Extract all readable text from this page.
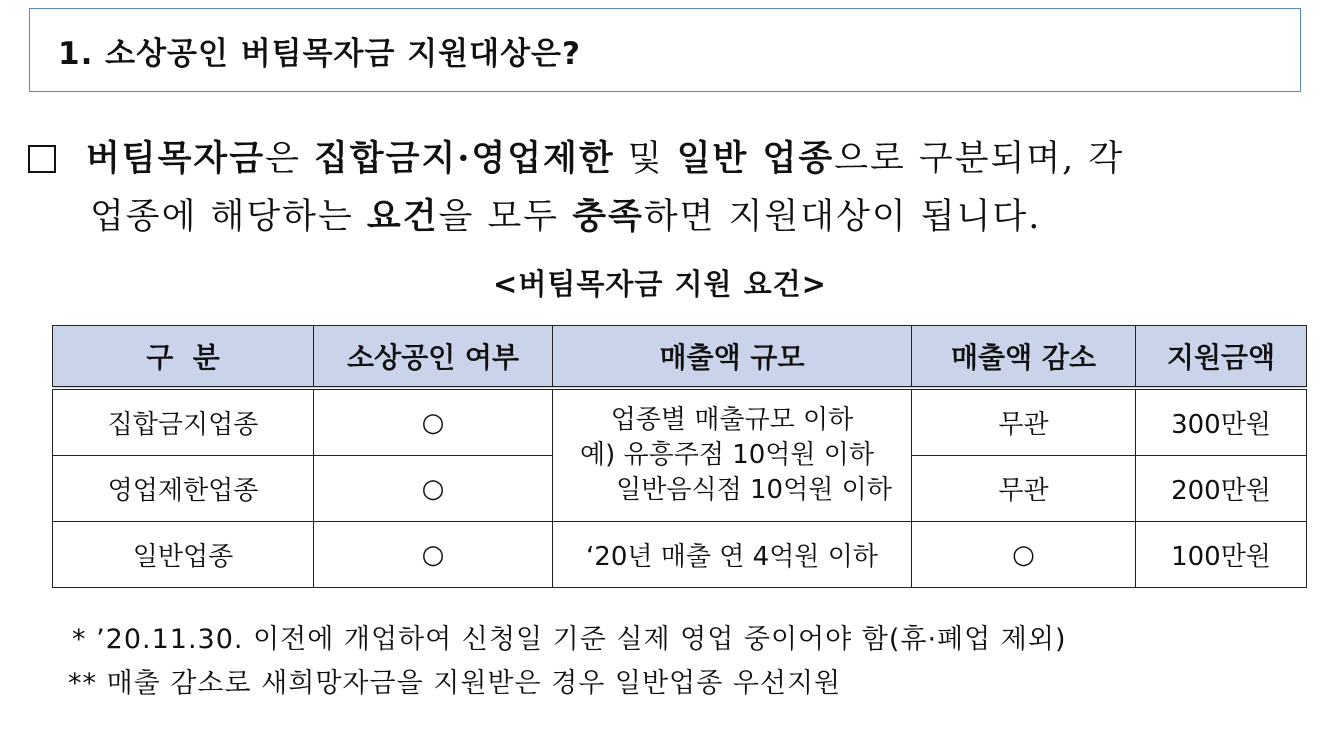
1. 소상공인 버팀목자금 지원대상은?
버팀목자금은 집합금지·영업제한 및 일반 업종으로 구분되며, 각
업종에 해당하는 요건을 모두 충족하면 지원대상이 됩니다.
<버팀목자금 지원 요건>
구  분	소상공인 여부	매출액 규모	매출액 감소	지원금액
집합금지업종	○	업종별 매출규모 이하
예) 유흥주점 10억원 이하
일반음식점 10억원 이하	무관	300만원
영업제한업종	○		무관	200만원
일반업종	○	‘20년 매출 연 4억원 이하	○	100만원
* ’20.11.30. 이전에 개업하여 신청일 기준 실제 영업 중이어야 함(휴·폐업 제외)
** 매출 감소로 새희망자금을 지원받은 경우 일반업종 우선지원
